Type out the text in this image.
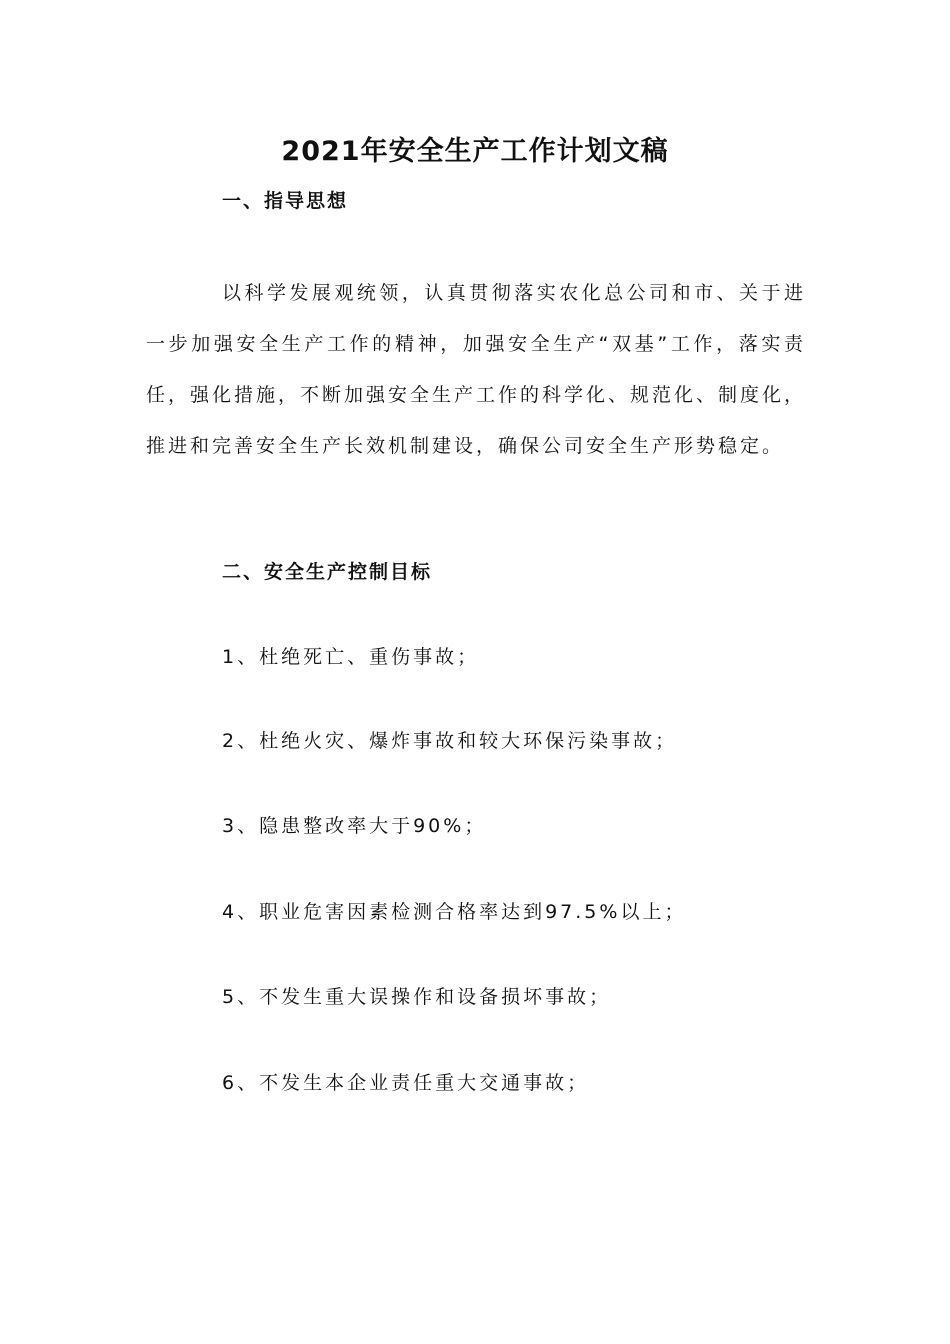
2021年安全生产工作计划文稿
一、指导思想

以科学发展观统领，认真贯彻落实农化总公司和市、关于进一步加强安全生产工作的精神，加强安全生产“双基”工作，落实责任，强化措施，不断加强安全生产工作的科学化、规范化、制度化，推进和完善安全生产长效机制建设，确保公司安全生产形势稳定。

二、安全生产控制目标
1、杜绝死亡、重伤事故；
2、杜绝火灾、爆炸事故和较大环保污染事故；
3、隐患整改率大于90%；
4、职业危害因素检测合格率达到97.5%以上；
5、不发生重大误操作和设备损坏事故；
6、不发生本企业责任重大交通事故；
